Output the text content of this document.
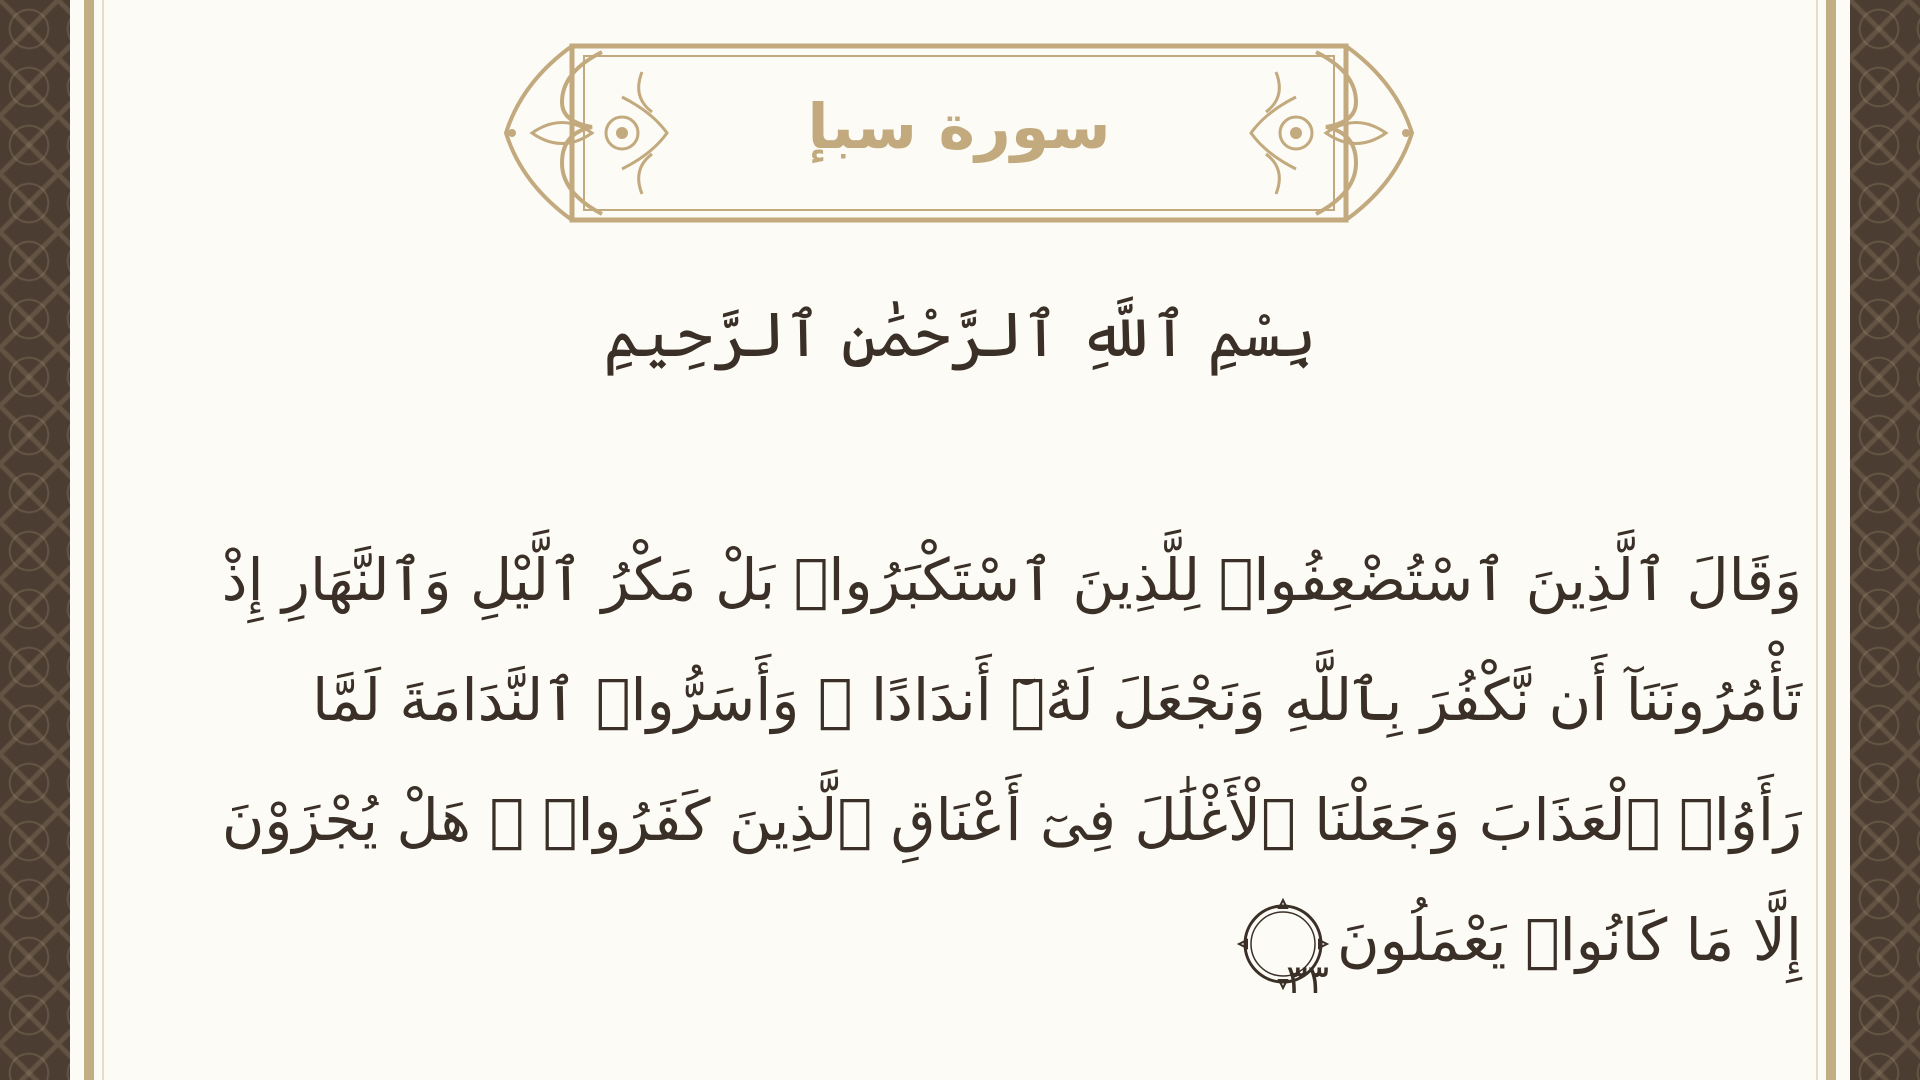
سورة سبإ
بِسْمِ ٱللَّهِ ٱلرَّحْمَٰنِ ٱلرَّحِيمِ
وَقَالَ ٱلَّذِينَ ٱسْتُضْعِفُوا۟ لِلَّذِينَ ٱسْتَكْبَرُوا۟ بَلْ مَكْرُ ٱلَّيْلِ وَٱلنَّهَارِ إِذْ
تَأْمُرُونَنَآ أَن نَّكْفُرَ بِٱللَّهِ وَنَجْعَلَ لَهُۥٓ أَندَادًا ۚ وَأَسَرُّوا۟ ٱلنَّدَامَةَ لَمَّا
رَأَوُا۟ ٱلْعَذَابَ وَجَعَلْنَا ٱلْأَغْلَٰلَ فِىٓ أَعْنَاقِ ٱلَّذِينَ كَفَرُوا۟ ۚ هَلْ يُجْزَوْنَ
إِلَّا مَا كَانُوا۟ يَعْمَلُونَ
٣٣
